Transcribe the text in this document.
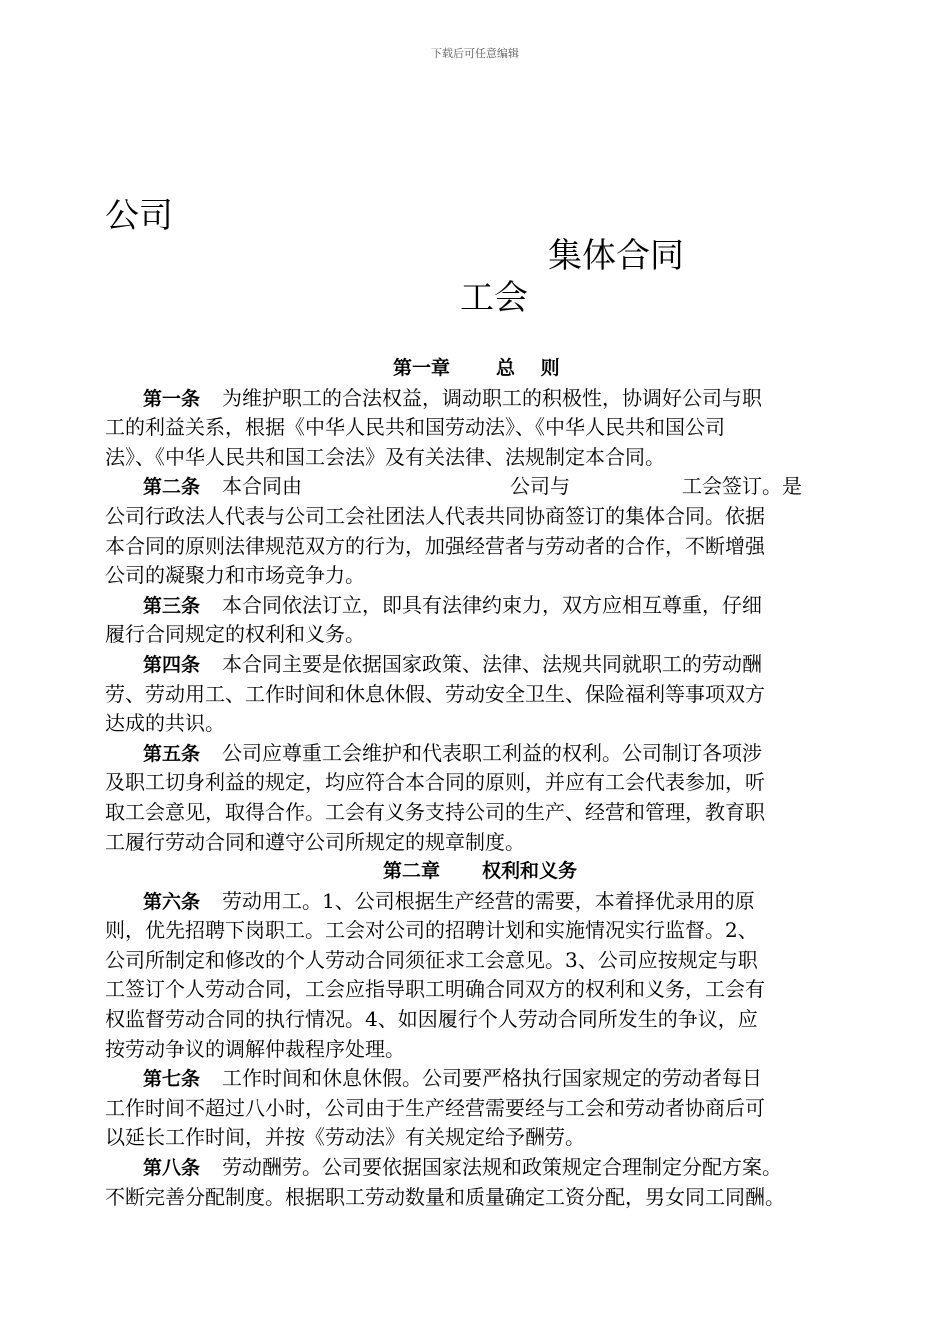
下载后可任意编辑
公司
集体合同
工会
第一章 总　 则
第一条 为维护职工的合法权益，调动职工的积极性，协调好公司与职
工的利益关系，根据《中华人民共和国劳动法》、《中华人民共和国公司
法》、《中华人民共和国工会法》及有关法律、法规制定本合同。
第二条 本合同由	公司与	工会签订。是
公司行政法人代表与公司工会社团法人代表共同协商签订的集体合同。依据
本合同的原则法律规范双方的行为，加强经营者与劳动者的合作，不断增强
公司的凝聚力和市场竞争力。
第三条 本合同依法订立，即具有法律约束力，双方应相互尊重，仔细
履行合同规定的权利和义务。
第四条 本合同主要是依据国家政策、法律、法规共同就职工的劳动酬
劳、劳动用工、工作时间和休息休假、劳动安全卫生、保险福利等事项双方
达成的共识。
第五条 公司应尊重工会维护和代表职工利益的权利。公司制订各项涉
及职工切身利益的规定，均应符合本合同的原则，并应有工会代表参加，听
取工会意见，取得合作。工会有义务支持公司的生产、经营和管理，教育职
工履行劳动合同和遵守公司所规定的规章制度。
第二章 权利和义务
第六条 劳动用工。1、公司根据生产经营的需要，本着择优录用的原
则，优先招聘下岗职工。工会对公司的招聘计划和实施情况实行监督。2、
公司所制定和修改的个人劳动合同须征求工会意见。3、公司应按规定与职
工签订个人劳动合同，工会应指导职工明确合同双方的权利和义务，工会有
权监督劳动合同的执行情况。4、如因履行个人劳动合同所发生的争议，应
按劳动争议的调解仲裁程序处理。
第七条 工作时间和休息休假。公司要严格执行国家规定的劳动者每日
工作时间不超过八小时，公司由于生产经营需要经与工会和劳动者协商后可
以延长工作时间，并按《劳动法》有关规定给予酬劳。
第八条 劳动酬劳。公司要依据国家法规和政策规定合理制定分配方案。
不断完善分配制度。根据职工劳动数量和质量确定工资分配，男女同工同酬。
